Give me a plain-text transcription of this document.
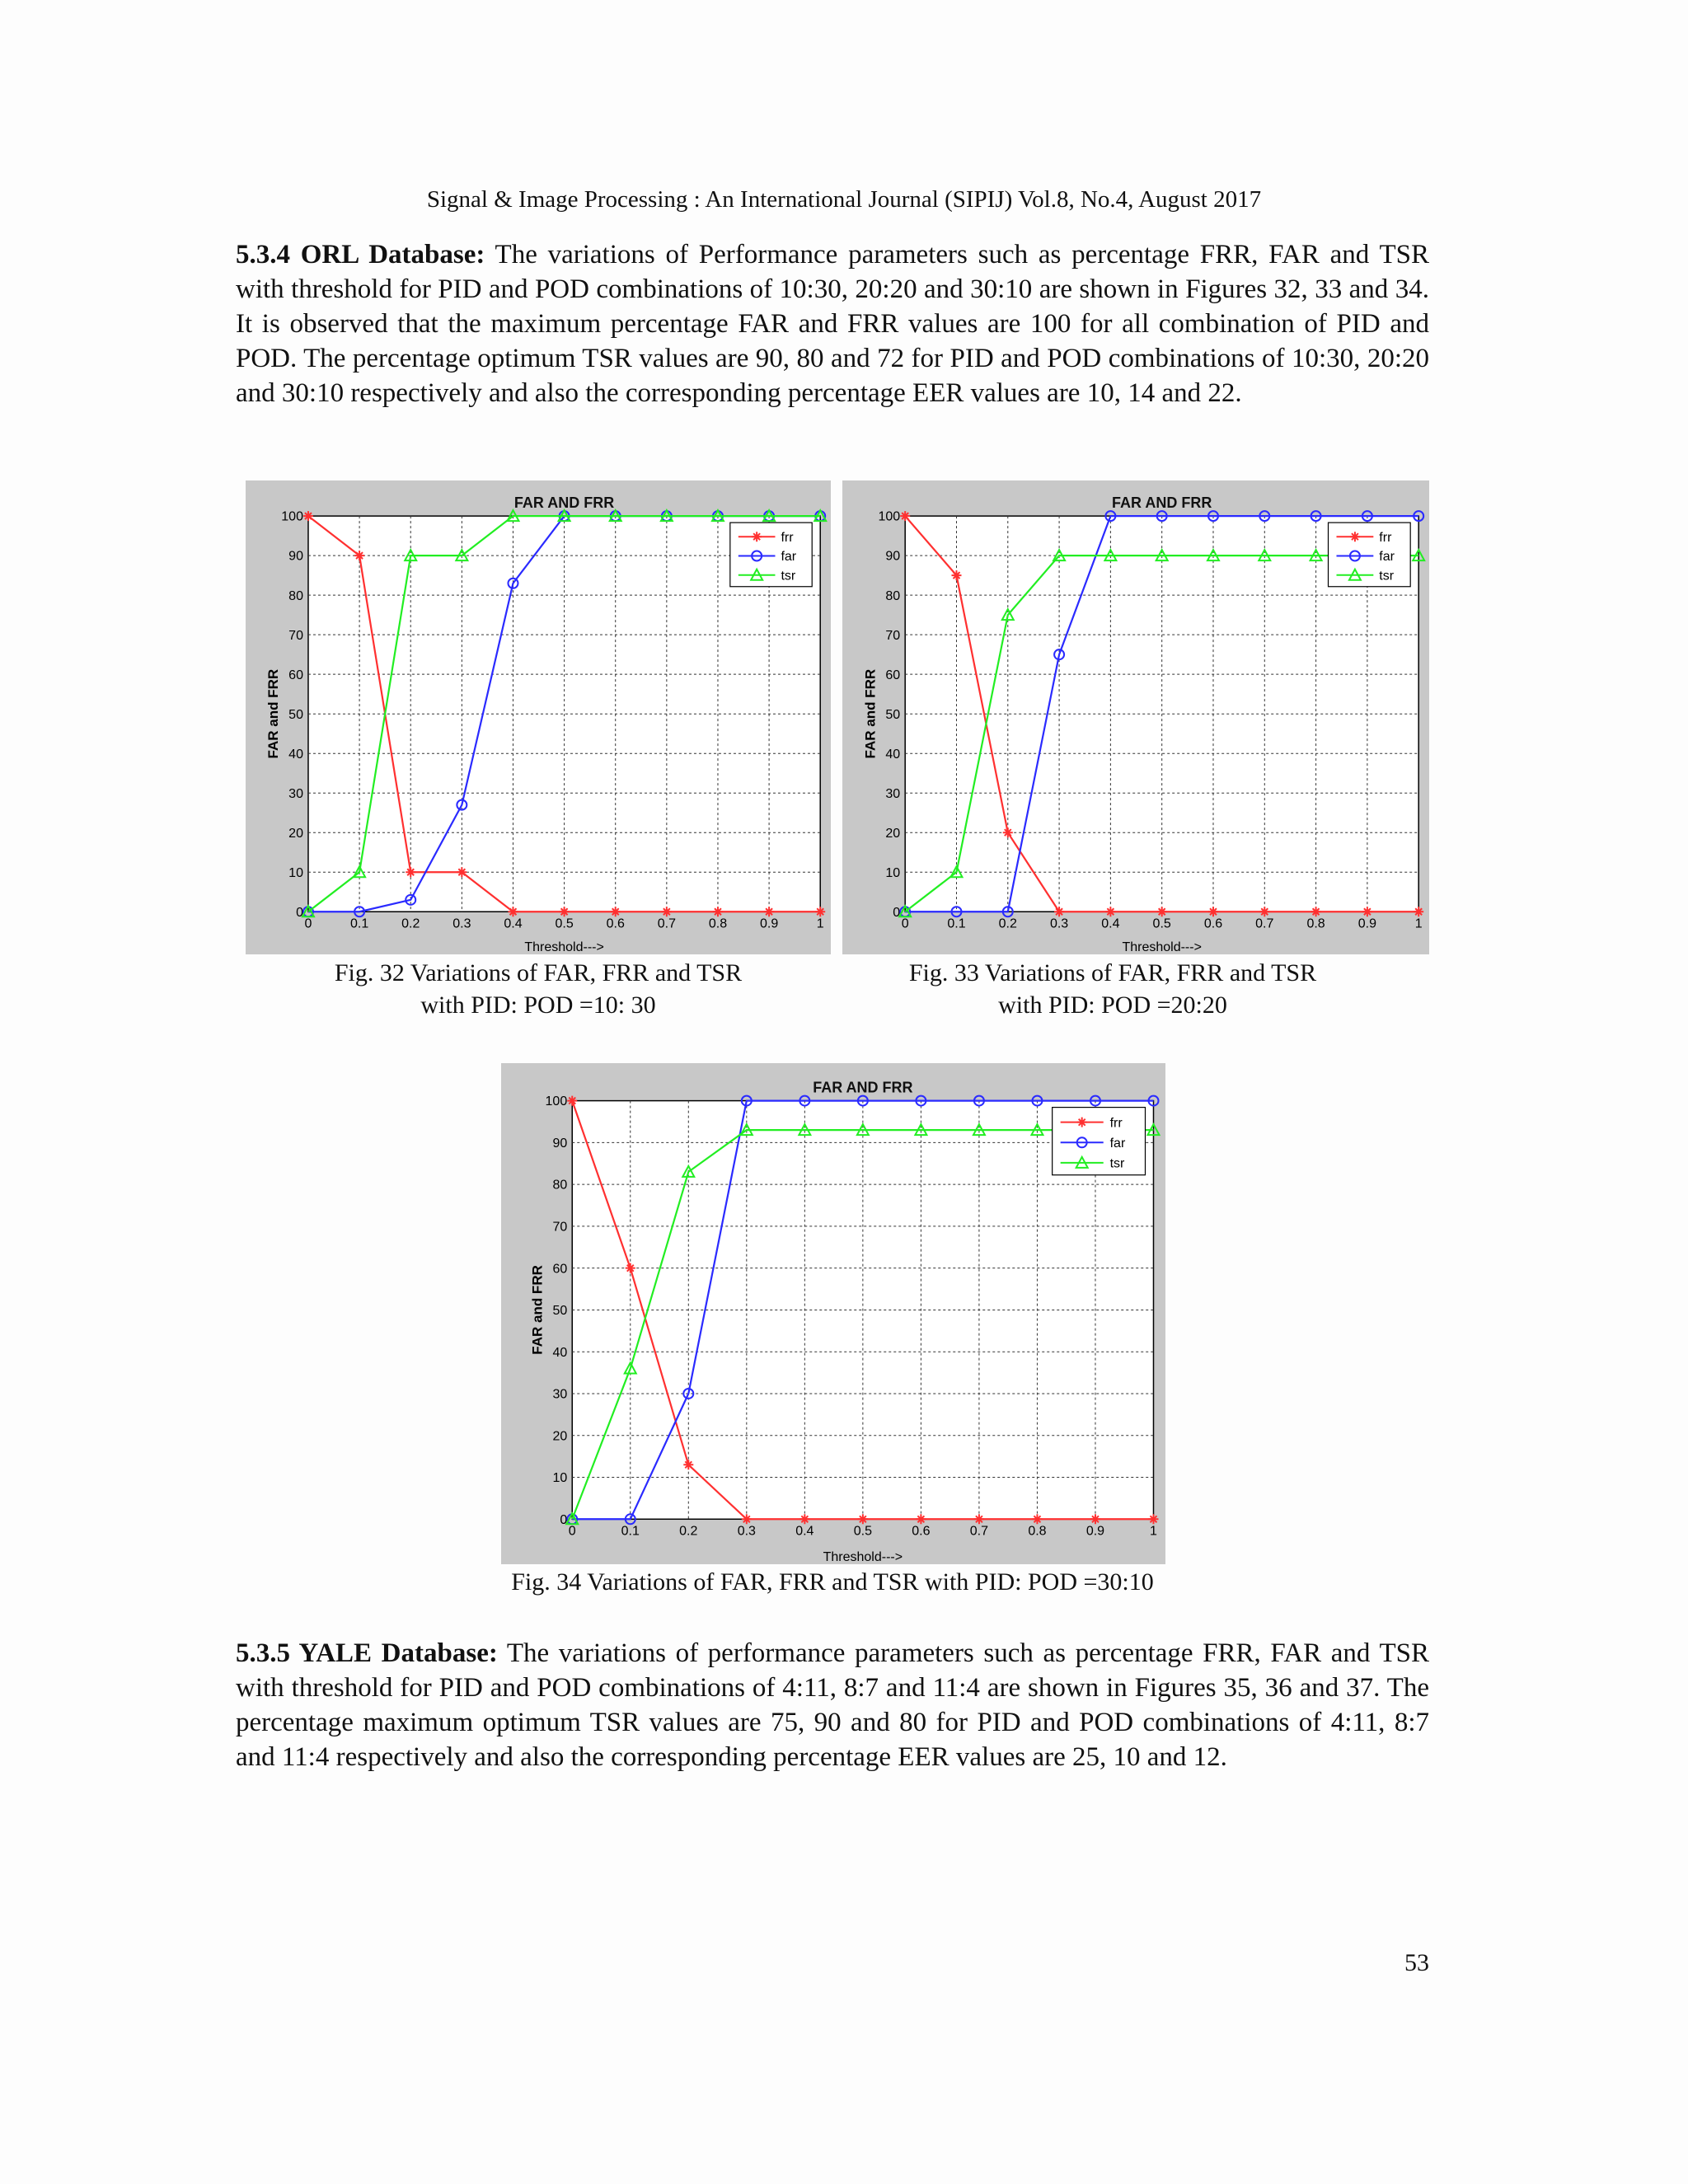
Signal & Image Processing : An International Journal (SIPIJ) Vol.8, No.4, August 2017

5.3.4 ORL Database: The variations of Performance parameters such as percentage FRR, FAR and TSR with threshold for PID and POD combinations of 10:30, 20:20 and 30:10 are shown in Figures 32, 33 and 34. It is observed that the maximum percentage FAR and FRR values are 100 for all combination of PID and POD. The percentage optimum TSR values are 90, 80 and 72 for PID and POD combinations of 10:30, 20:20 and 30:10 respectively and also the corresponding percentage EER values are 10, 14 and 22.

0	0.1 0.2 0.3 0.4 0.5 0.6 0.7 0.8 0.9	1
0
10
20
30
40
50
60
70
80
90
100
FAR AND FRR
Threshold--->
FAR and FRR
frr
far
tsr
0	0.1	0.2	0.3	0.4	0.5	0.6	0.7	0.8	0.9	1
0
10
20
30
40
50
60
70
80
90
100
FAR AND FRR
Threshold--->
FAR and FRR
frr
far
tsr
Fig. 32 Variations of FAR, FRR and TSR
with PID: POD =10: 30
Fig. 33 Variations of FAR, FRR and TSR
with PID: POD =20:20
0	0.1	0.2	0.3	0.4	0.5	0.6	0.7	0.8	0.9	1
0
10
20
30
40
50
60
70
80
90
100
FAR AND FRR
Threshold--->
FAR and FRR
frr
far
tsr
Fig. 34 Variations of FAR, FRR and TSR with PID: POD =30:10

5.3.5 YALE Database: The variations of performance parameters such as percentage FRR, FAR and TSR with threshold for PID and POD combinations of 4:11, 8:7 and 11:4 are shown in Figures 35, 36 and 37. The percentage maximum optimum TSR values are 75, 90 and 80 for PID and POD combinations of 4:11, 8:7 and 11:4 respectively and also the corresponding percentage EER values are 25, 10 and 12.

53
